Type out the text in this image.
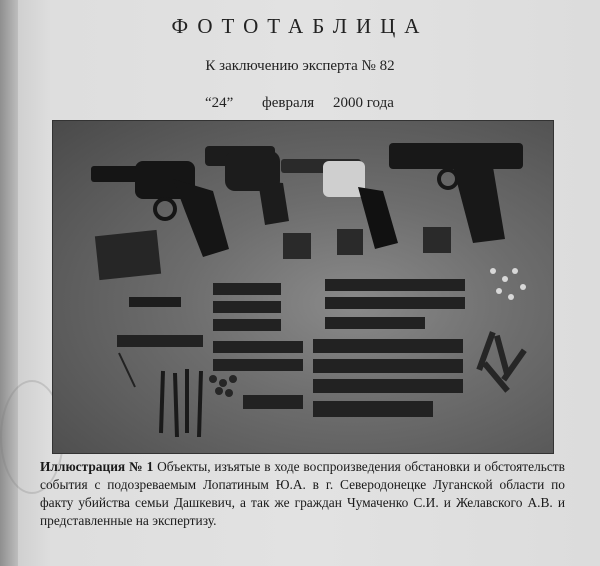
ФОТОТАБЛИЦА
К заключению эксперта № 82
“24” февраля 2000 года
Иллюстрация № 1 Объекты, изъятые в ходе воспроизведения обстановки и обстоятельств события с подозреваемым Лопатиным Ю.А. в г. Северодонецке Луганской области по факту убийства семьи Дашкевич, а так же граждан Чумаченко С.И. и Желавского А.В. и представленные на экспертизу.
